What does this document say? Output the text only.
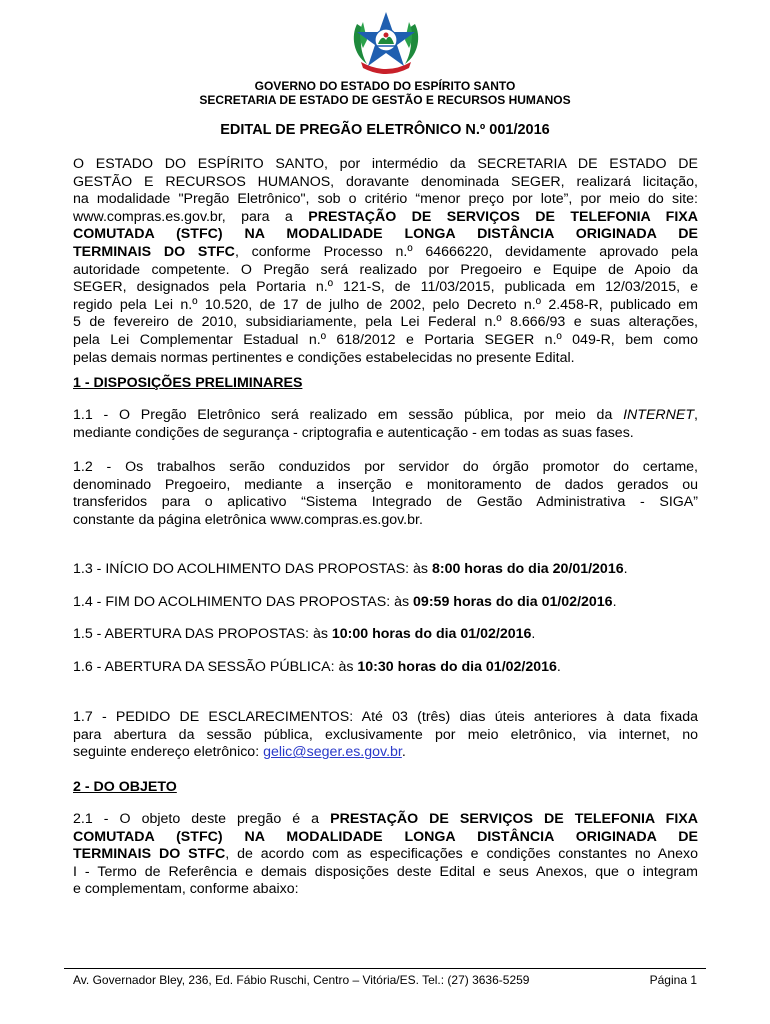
GOVERNO DO ESTADO DO ESPÍRITO SANTO
SECRETARIA DE ESTADO DE GESTÃO E RECURSOS HUMANOS
EDITAL DE PREGÃO ELETRÔNICO N.º 001/2016
O ESTADO DO ESPÍRITO SANTO, por intermédio da SECRETARIA DE ESTADO DE
GESTÃO E RECURSOS HUMANOS, doravante denominada SEGER, realizará licitação,
na modalidade "Pregão Eletrônico", sob o critério “menor preço por lote”, por meio do site:
www.compras.es.gov.br, para a PRESTAÇÃO DE SERVIÇOS DE TELEFONIA FIXA
COMUTADA (STFC) NA MODALIDADE LONGA DISTÂNCIA ORIGINADA DE
TERMINAIS DO STFC, conforme Processo n.º 64666220, devidamente aprovado pela
autoridade competente. O Pregão será realizado por Pregoeiro e Equipe de Apoio da
SEGER, designados pela Portaria n.º 121-S, de 11/03/2015, publicada em 12/03/2015, e
regido pela Lei n.º 10.520, de 17 de julho de 2002, pelo Decreto n.º 2.458-R, publicado em
5 de fevereiro de 2010, subsidiariamente, pela Lei Federal n.º 8.666/93 e suas alterações,
pela Lei Complementar Estadual n.º 618/2012 e Portaria SEGER n.º 049-R, bem como
pelas demais normas pertinentes e condições estabelecidas no presente Edital.
1 - DISPOSIÇÕES PRELIMINARES
1.1 - O Pregão Eletrônico será realizado em sessão pública, por meio da INTERNET,
mediante condições de segurança - criptografia e autenticação - em todas as suas fases.
1.2 - Os trabalhos serão conduzidos por servidor do órgão promotor do certame,
denominado Pregoeiro, mediante a inserção e monitoramento de dados gerados ou
transferidos para o aplicativo “Sistema Integrado de Gestão Administrativa - SIGA”
constante da página eletrônica www.compras.es.gov.br.
1.3 - INÍCIO DO ACOLHIMENTO DAS PROPOSTAS: às 8:00 horas do dia 20/01/2016.
1.4 - FIM DO ACOLHIMENTO DAS PROPOSTAS: às 09:59 horas do dia 01/02/2016.
1.5 - ABERTURA DAS PROPOSTAS: às 10:00 horas do dia 01/02/2016.
1.6 - ABERTURA DA SESSÃO PÚBLICA: às 10:30 horas do dia 01/02/2016.
1.7 - PEDIDO DE ESCLARECIMENTOS: Até 03 (três) dias úteis anteriores à data fixada
para abertura da sessão pública, exclusivamente por meio eletrônico, via internet, no
seguinte endereço eletrônico: gelic@seger.es.gov.br.
2 - DO OBJETO
2.1 - O objeto deste pregão é a PRESTAÇÃO DE SERVIÇOS DE TELEFONIA FIXA
COMUTADA (STFC) NA MODALIDADE LONGA DISTÂNCIA ORIGINADA DE
TERMINAIS DO STFC, de acordo com as especificações e condições constantes no Anexo
I - Termo de Referência e demais disposições deste Edital e seus Anexos, que o integram
e complementam, conforme abaixo:
Av. Governador Bley, 236, Ed. Fábio Ruschi, Centro – Vitória/ES. Tel.: (27) 3636-5259	Página 1
